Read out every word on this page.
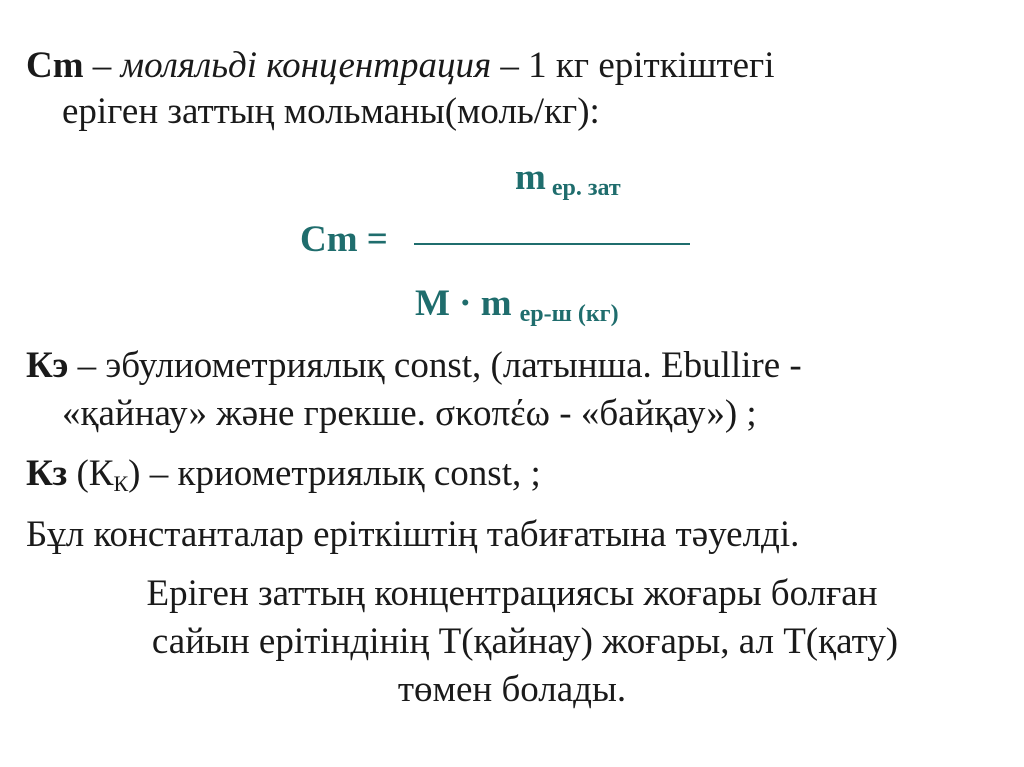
Cm – моляльді концентрация – 1 кг еріткіштегі
еріген заттың мольманы(моль/кг):
m $_{ер. зат}$
Cm =
M · m $_{ер-ш (кг)}$
Кэ – эбулиометриялық const, (латынша. Ebullire -
«қайнау» және грекше. σκοπέω - «байқау») ;
Кз (КК) – криометриялық const, ;
Бұл константалар еріткіштің табиғатына тәуелді.
Еріген заттың концентрациясы жоғары болған
сайын ерітіндінің Т(қайнау) жоғары, ал Т(қату)
төмен болады.
